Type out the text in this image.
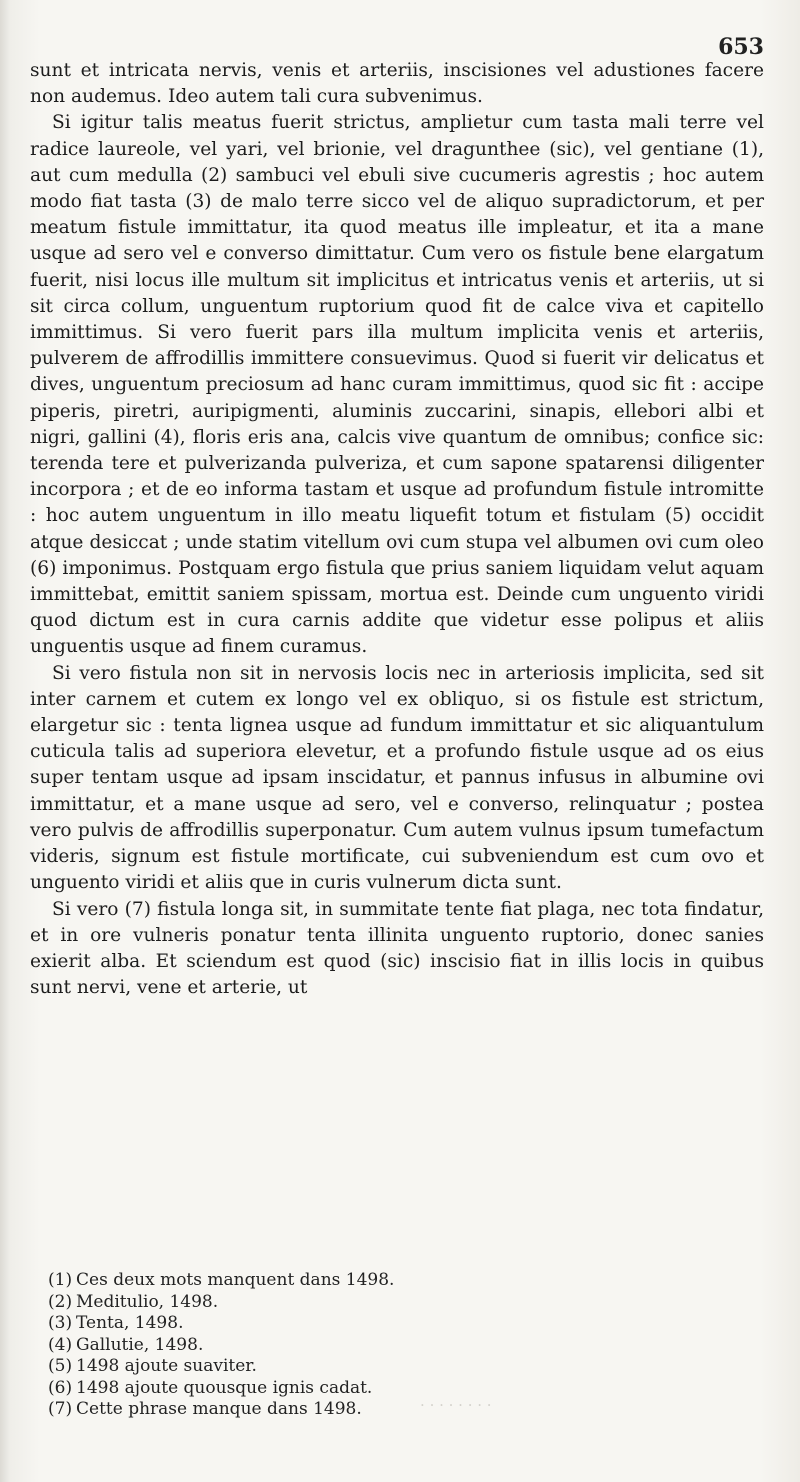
653
· · · · · · · ·

sunt et intricata nervis, venis et arteriis, inscisiones vel adustiones facere non audemus. Ideo autem tali cura subvenimus.

Si igitur talis meatus fuerit strictus, amplietur cum tasta mali terre vel radice laureole, vel yari, vel brionie, vel dragunthee (sic), vel gentiane (1), aut cum medulla (2) sambuci vel ebuli sive cucumeris agrestis ; hoc autem modo fiat tasta (3) de malo terre sicco vel de aliquo supradictorum, et per meatum fistule immittatur, ita quod meatus ille impleatur, et ita a mane usque ad sero vel e converso dimittatur. Cum vero os fistule bene elargatum fuerit, nisi locus ille multum sit implicitus et intricatus venis et arteriis, ut si sit circa collum, unguentum ruptorium quod fit de calce viva et capitello immittimus. Si vero fuerit pars illa multum implicita venis et arteriis, pulverem de affrodillis immittere consuevimus. Quod si fuerit vir delicatus et dives, unguentum preciosum ad hanc curam immittimus, quod sic fit : accipe piperis, piretri, auripigmenti, aluminis zuccarini, sinapis, ellebori albi et nigri, gallini (4), floris eris ana, calcis vive quantum de omnibus; confice sic: terenda tere et pulverizanda pulveriza, et cum sapone spatarensi diligenter incorpora ; et de eo informa tastam et usque ad profundum fistule intromitte : hoc autem unguentum in illo meatu liquefit totum et fistulam (5) occidit atque desiccat ; unde statim vitellum ovi cum stupa vel albumen ovi cum oleo (6) imponimus. Postquam ergo fistula que prius saniem liquidam velut aquam immittebat, emittit saniem spissam, mortua est. Deinde cum unguento viridi quod dictum est in cura carnis addite que videtur esse polipus et aliis unguentis usque ad finem curamus.

Si vero fistula non sit in nervosis locis nec in arteriosis implicita, sed sit inter carnem et cutem ex longo vel ex obliquo, si os fistule est strictum, elargetur sic : tenta lignea usque ad fundum immittatur et sic aliquantulum cuticula talis ad superiora elevetur, et a profundo fistule usque ad os eius super tentam usque ad ipsam inscidatur, et pannus infusus in albumine ovi immittatur, et a mane usque ad sero, vel e converso, relinquatur ; postea vero pulvis de affrodillis superponatur. Cum autem vulnus ipsum tumefactum videris, signum est fistule mortificate, cui subveniendum est cum ovo et unguento viridi et aliis que in curis vulnerum dicta sunt.

Si vero (7) fistula longa sit, in summitate tente fiat plaga, nec tota findatur, et in ore vulneris ponatur tenta illinita unguento ruptorio, donec sanies exierit alba. Et sciendum est quod (sic) inscisio fiat in illis locis in quibus sunt nervi, vene et arterie, ut

(1) Ces deux mots manquent dans 1498.
(2) Meditulio, 1498.
(3) Tenta, 1498.
(4) Gallutie, 1498.
(5) 1498 ajoute suaviter.
(6) 1498 ajoute quousque ignis cadat.
(7) Cette phrase manque dans 1498.
